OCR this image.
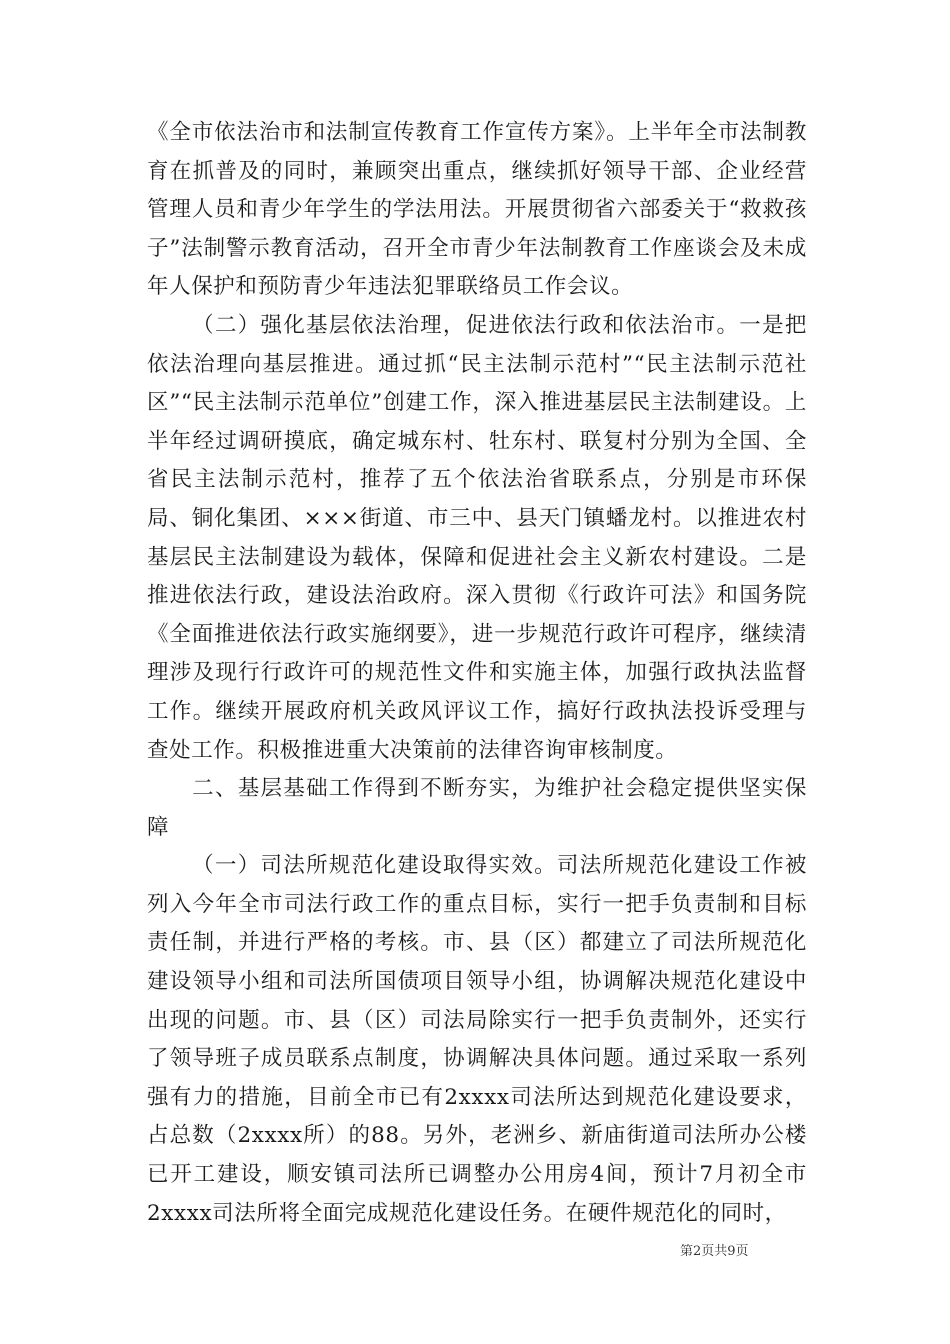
《全市依法治市和法制宣传教育工作宣传方案》。上半年全市法制教育在抓普及的同时，兼顾突出重点，继续抓好领导干部、企业经营管理人员和青少年学生的学法用法。开展贯彻省六部委关于“救救孩子”法制警示教育活动，召开全市青少年法制教育工作座谈会及未成年人保护和预防青少年违法犯罪联络员工作会议。

（二）强化基层依法治理，促进依法行政和依法治市。一是把依法治理向基层推进。通过抓“民主法制示范村”“民主法制示范社区”“民主法制示范单位”创建工作，深入推进基层民主法制建设。上半年经过调研摸底，确定城东村、牡东村、联复村分别为全国、全省民主法制示范村，推荐了五个依法治省联系点，分别是市环保局、铜化集团、×××街道、市三中、县天门镇蟠龙村。以推进农村基层民主法制建设为载体，保障和促进社会主义新农村建设。二是推进依法行政，建设法治政府。深入贯彻《行政许可法》和国务院《全面推进依法行政实施纲要》，进一步规范行政许可程序，继续清理涉及现行行政许可的规范性文件和实施主体，加强行政执法监督工作。继续开展政府机关政风评议工作，搞好行政执法投诉受理与查处工作。积极推进重大决策前的法律咨询审核制度。

二、基层基础工作得到不断夯实，为维护社会稳定提供坚实保障

（一）司法所规范化建设取得实效。司法所规范化建设工作被列入今年全市司法行政工作的重点目标，实行一把手负责制和目标责任制，并进行严格的考核。市、县（区）都建立了司法所规范化建设领导小组和司法所国债项目领导小组，协调解决规范化建设中出现的问题。市、县（区）司法局除实行一把手负责制外，还实行了领导班子成员联系点制度，协调解决具体问题。通过采取一系列强有力的措施，目前全市已有2xxxx司法所达到规范化建设要求，占总数（2xxxx所）的88。另外，老洲乡、新庙街道司法所办公楼已开工建设，顺安镇司法所已调整办公用房4间，预计7月初全市2xxxx司法所将全面完成规范化建设任务。在硬件规范化的同时，

第2页共9页
